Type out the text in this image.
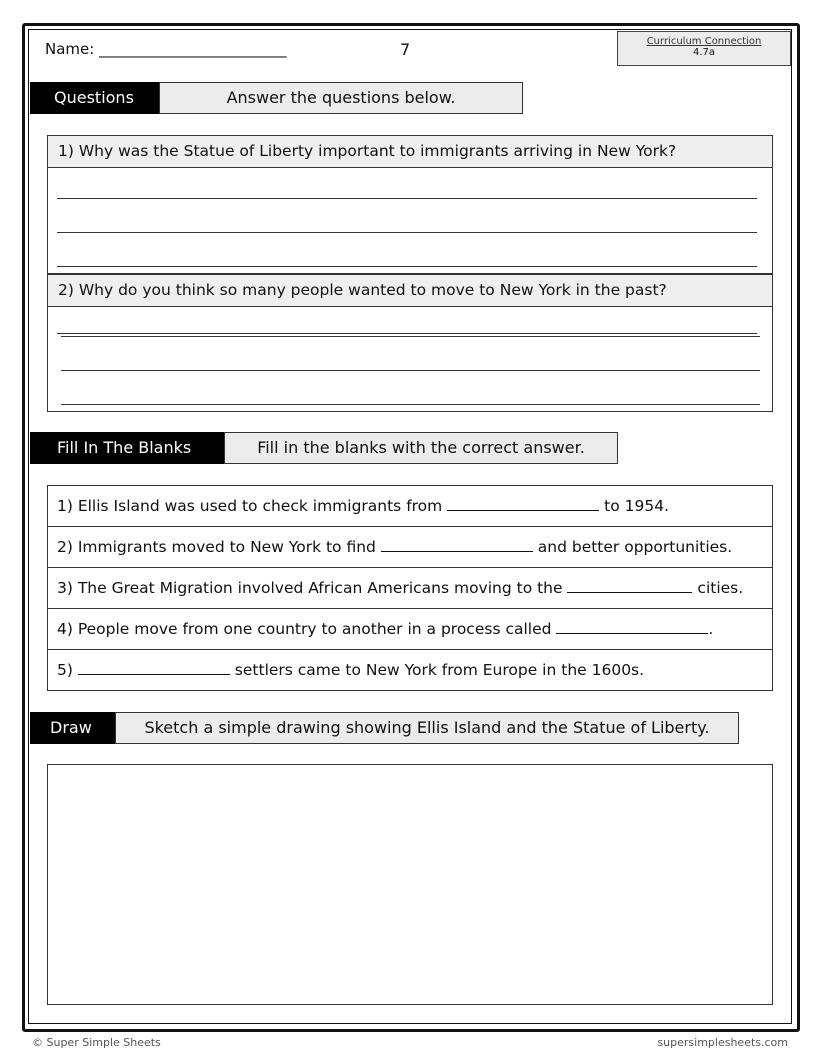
Name: _________________________	7	Curriculum Connection
4.7a
Questions	Answer the questions below.
1) Why was the Statue of Liberty important to immigrants arriving in New York?
2) Why do you think so many people wanted to move to New York in the past?
Fill In The Blanks	Fill in the blanks with the correct answer.
1) Ellis Island was used to check immigrants from	to 1954.
2) Immigrants moved to New York to find	and better opportunities.
3) The Great Migration involved African Americans moving to the	cities.
4) People move from one country to another in a process called	.
5)	settlers came to New York from Europe in the 1600s.
Draw	Sketch a simple drawing showing Ellis Island and the Statue of Liberty.
© Super Simple Sheets	supersimplesheets.com
